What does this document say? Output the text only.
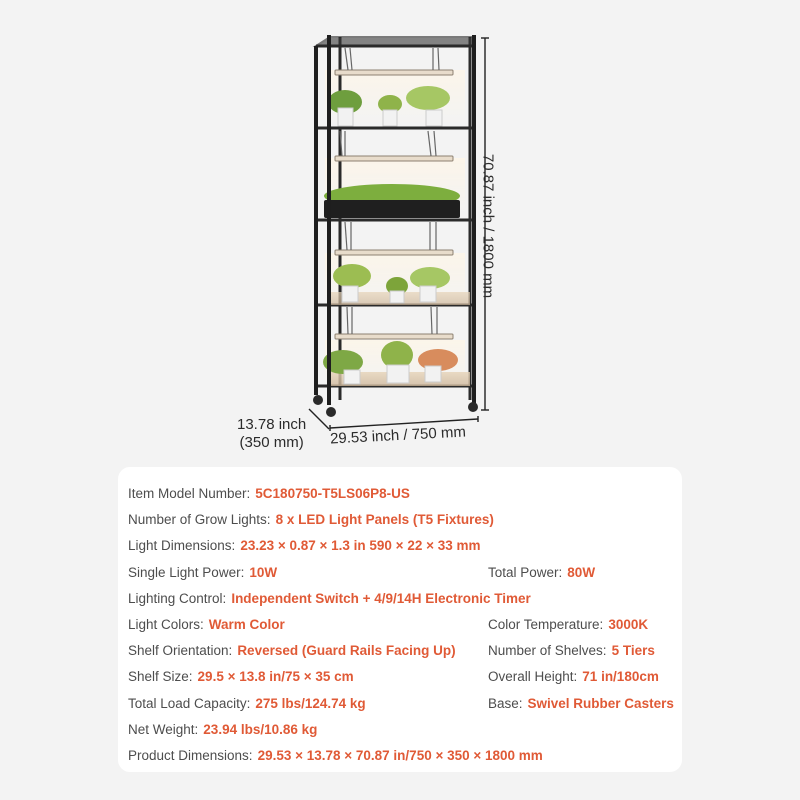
70.87 inch / 1800 mm
29.53 inch / 750 mm
13.78 inch
(350 mm)
Item Model Number: 5C180750-T5LS06P8-US
Number of Grow Lights: 8 x LED Light Panels (T5 Fixtures)
Light Dimensions: 23.23 × 0.87 × 1.3 in 590 × 22 × 33 mm
Single Light Power: 10W	Total Power: 80W
Lighting Control: Independent Switch + 4/9/14H Electronic Timer
Light Colors: Warm Color	Color Temperature: 3000K
Shelf Orientation: Reversed (Guard Rails Facing Up) Number of Shelves: 5 Tiers
Shelf Size: 29.5 × 13.8 in/75 × 35 cm	Overall Height: 71 in/180cm
Total Load Capacity: 275 lbs/124.74 kg	Base: Swivel Rubber Casters
Net Weight: 23.94 lbs/10.86 kg
Product Dimensions: 29.53 × 13.78 × 70.87 in/750 × 350 × 1800 mm
